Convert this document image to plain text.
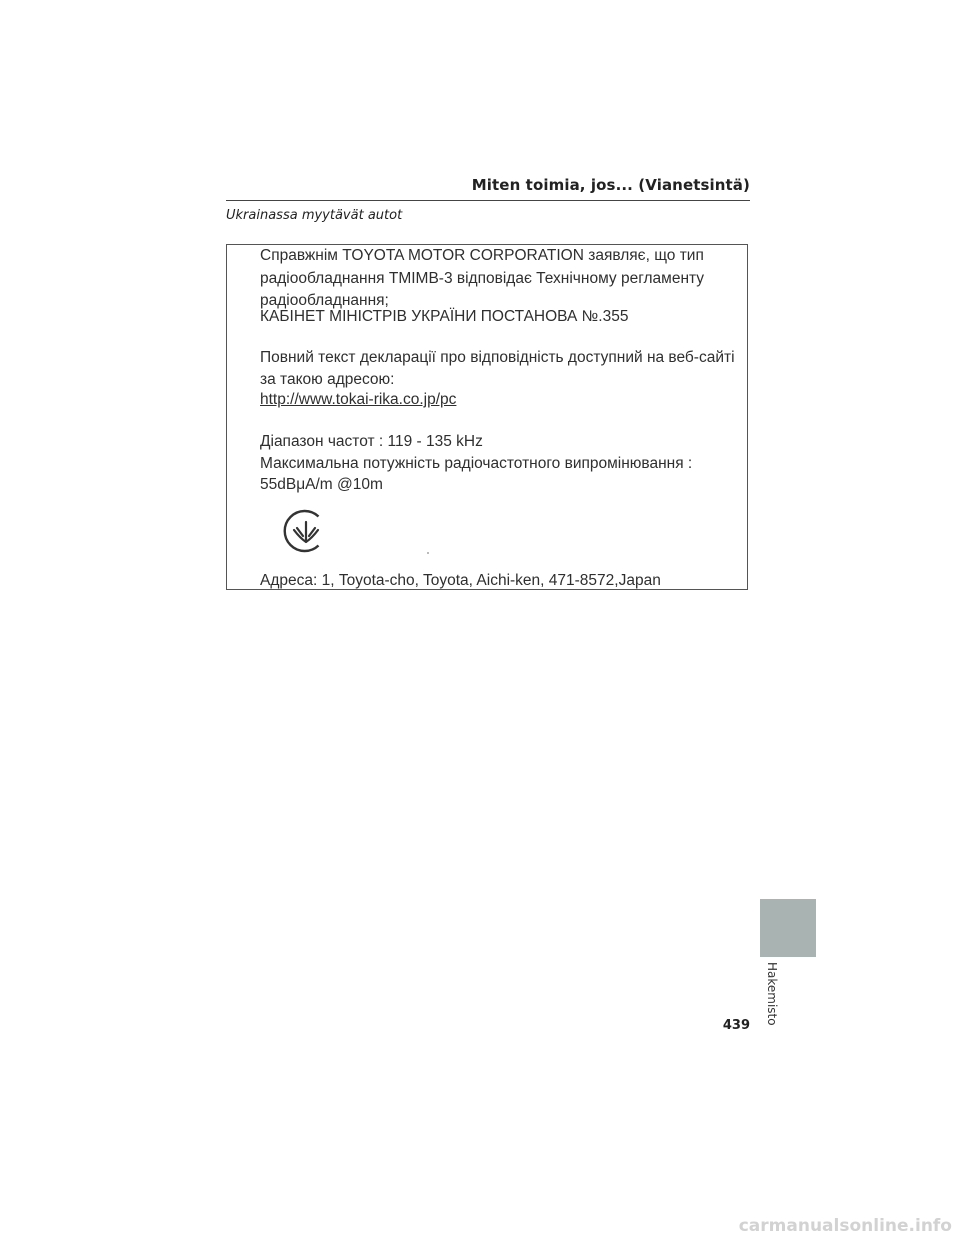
Miten toimia, jos... (Vianetsintä)
Ukrainassa myytävät autot
Справжнім TOYOTA MOTOR CORPORATION заявляє, що тип
радіообладнання TMIMB-3 відповідає Технічному регламенту
радіообладнання;
КАБІНЕТ МІНІСТРІВ УКРАЇНИ ПОСТАНОВА №.355
Повний текст декларації про відповідність доступний на веб-сайті
за такою адресою:
http://www.tokai-rika.co.jp/pc
Діапазон частот : 119 - 135 kHz
Максимальна потужність радіочастотного випромінювання :
55dBμA/m @10m
Адреса: 1, Toyota-cho, Toyota, Aichi-ken, 471-8572,Japan
Hakemisto
439
carmanualsonline.info
